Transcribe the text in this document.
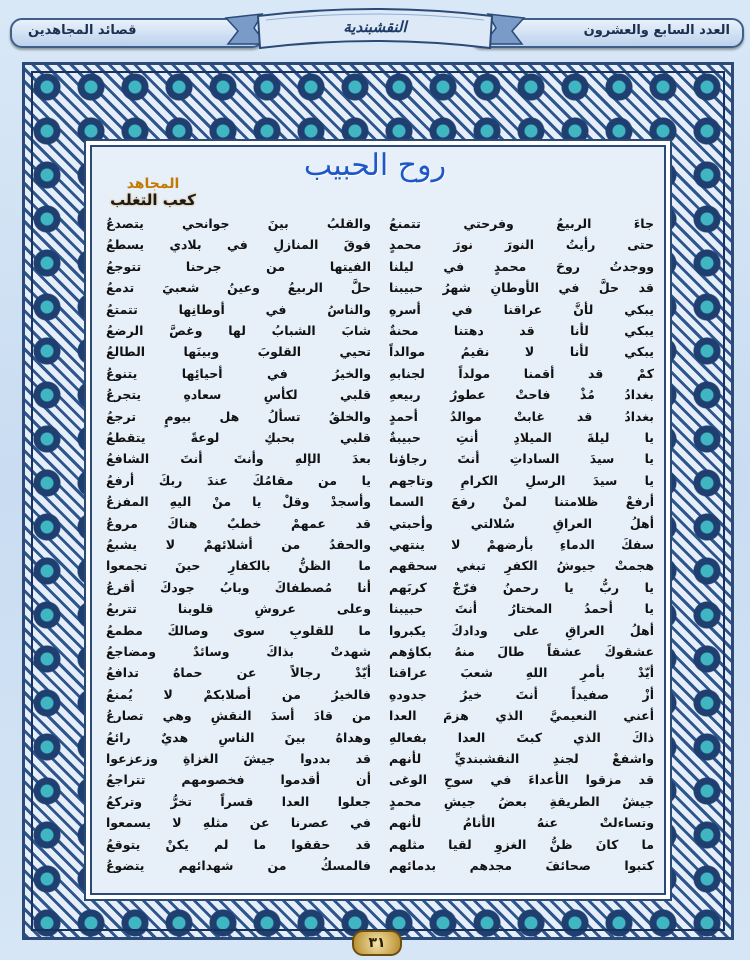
قصائد المجاهدين	العدد السابع والعشرون
النقشبندية
روح الحبيب
المجاهد
كعب التغلب
جاءَ الربيعُ وفرحتي تتمنعُ
والقلبُ بينَ جوانحي يتصدعُ
حتى رأيتُ النورَ نورَ محمدٍ
فوقَ المنازلِ في بلادي يسطعُ
ووجدتُ روحَ محمدٍ في ليلنا
الفيتها من جرحنا تتوجعُ
قد حلَّ في الأوطانِ شهرُ حبيبنا
حلَّ الربيعُ وعينُ شعبيَ تدمعُ
يبكي لأنَّ عراقنا في أسرهِ
والناسُ في أوطانِها تتمتعُ
يبكي لأنا قد دهتنا محنةٌ
شابَ الشبابُ لها وغصَّ الرضعُ
يبكي لأنا لا نقيمُ موالداً
تحيي القلوبَ وبينَها الطالعُ
كمْ قد أقمنا مولداً لجنابهِ
والخيرُ في أحيائِها يتنوعُ
بغدادُ مُذْ فاحتْ عطورُ ربيعهِ
قلبي لكأسِ سعادهِ يتجرعُ
بغدادُ قد غابتْ موالدُ أحمدٍ
والخلقُ تسألُ هل بيومٍ ترجعُ
يا ليلةَ الميلادِ أنتِ حبيبةٌ
قلبي بحبكِ لوعةً يتقطعُ
يا سيدَ الساداتِ أنتَ رجاؤنا
بعدَ الإلهِ وأنتَ أنتَ الشافعُ
يا سيدَ الرسلِ الكرامِ وتاجهم
يا من مقامُكَ عندَ ربكَ أرفعُ
أرفعْ ظلامتنا لمنْ رفعَ السما
وأسجدْ وقلْ يا منْ اليهِ المفزعُ
أهلُ العراقِ سُلالتي وأحبتي
قد عمهمْ خطبٌ هناكَ مروعُ
سفكَ الدماءِ بأرضهمْ لا ينتهي
والحقدُ من أشلائهمْ لا يشبعُ
هجمتْ جيوشُ الكفرِ تبغي سحقهم
ما الظنُّ بالكفارِ حينَ تجمعوا
يا ربُّ يا رحمنُ فرّجْ كربَهم
أنا مُصطفاكَ وبابُ جودكَ أقرعُ
يا أحمدُ المختارُ أنتَ حبيبنا
وعلى عروشِ قلوبنا تتربعُ
أهلُ العراقِ على ودادكَ يكبروا
ما للقلوبِ سوى وصالكَ مطمعُ
عشقوكَ عشقاً طالَ منهُ بكاؤهم
شهدتْ بذاكَ وسائدٌ ومضاجعُ
أيّدْ بأمرِ اللهِ شعبَ عراقنا
أيّدْ رجالاً عن حماهُ تدافعُ
أزْ صفيداً أنتَ خيرُ جدودهِ
فالخيرُ من أصلابكمْ لا يُمنعُ
أعني النعيميَّ الذي هزمَ العدا
من قادَ أسدَ النقشِ وهي تصارعُ
ذاكَ الذي كبتَ العدا بفعالهِ
وهداهُ بينَ الناسِ هديٌ رائعُ
واشفعْ لجندِ النقشبنديِّ لأنهم
قد بددوا جيشَ الغزاةِ وزعزعوا
قد مزقوا الأعداءَ في سوحِ الوغى
أن أقدموا فخصومهم تتراجعُ
جيشُ الطريقةِ بعضُ جيشِ محمدٍ
جعلوا العدا قسراً تخرُّ وتركعُ
وتساءلتْ عنهُ الأنامُ لأنهم
في عصرنا عن مثلهِ لا يسمعوا
ما كانَ ظنُّ الغزوِ لقيا مثلهم
قد حققوا ما لم يكنْ يتوقعُ
كتبوا صحائفَ مجدهم بدمائهم
فالمسكُ من شهدائهم يتضوعُ
٣١
